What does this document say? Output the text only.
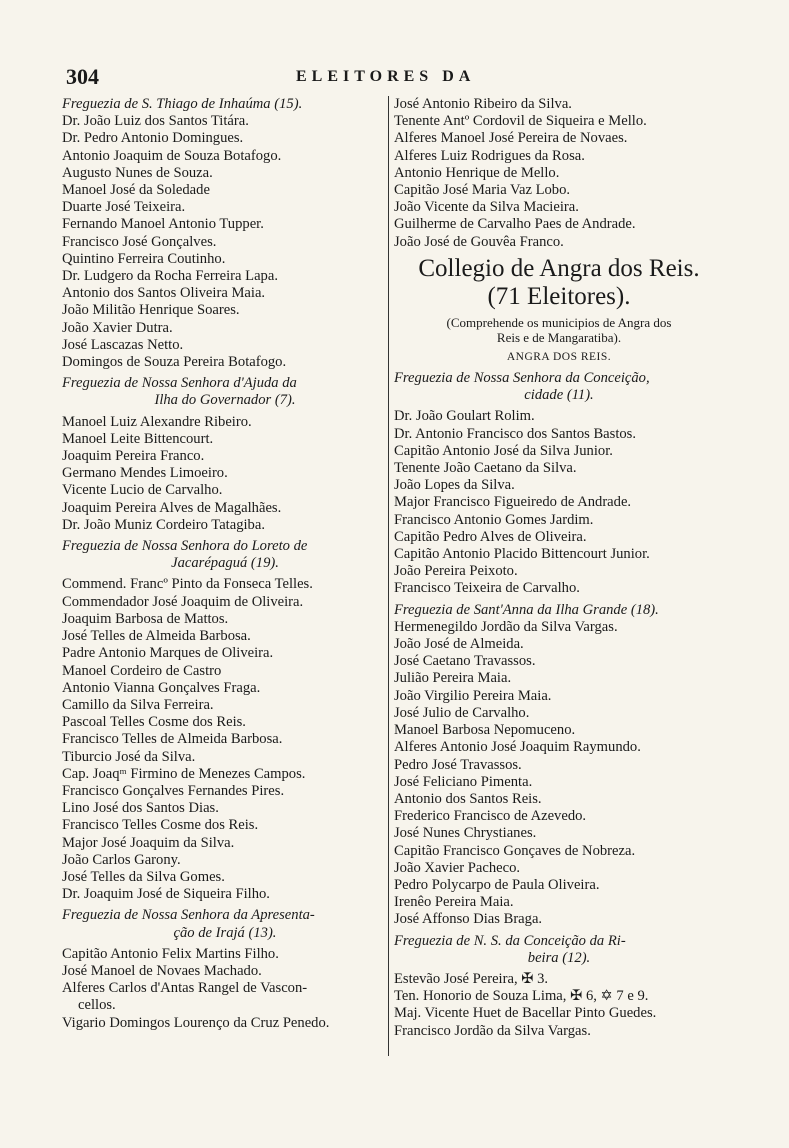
304	ELEITORES DA
Freguezia de S. Thiago de Inhaúma (15).
Dr. João Luiz dos Santos Titára.
Dr. Pedro Antonio Domingues.
Antonio Joaquim de Souza Botafogo.
Augusto Nunes de Souza.
Manoel José da Soledade
Duarte José Teixeira.
Fernando Manoel Antonio Tupper.
Francisco José Gonçalves.
Quintino Ferreira Coutinho.
Dr. Ludgero da Rocha Ferreira Lapa.
Antonio dos Santos Oliveira Maia.
João Militão Henrique Soares.
João Xavier Dutra.
José Lascazas Netto.
Domingos de Souza Pereira Botafogo.
Freguezia de Nossa Senhora d'Ajuda da
Ilha do Governador (7).
Manoel Luiz Alexandre Ribeiro.
Manoel Leite Bittencourt.
Joaquim Pereira Franco.
Germano Mendes Limoeiro.
Vicente Lucio de Carvalho.
Joaquim Pereira Alves de Magalhães.
Dr. João Muniz Cordeiro Tatagiba.
Freguezia de Nossa Senhora do Loreto de
Jacarépaguá (19).
Commend. Francº Pinto da Fonseca Telles.
Commendador José Joaquim de Oliveira.
Joaquim Barbosa de Mattos.
José Telles de Almeida Barbosa.
Padre Antonio Marques de Oliveira.
Manoel Cordeiro de Castro
Antonio Vianna Gonçalves Fraga.
Camillo da Silva Ferreira.
Pascoal Telles Cosme dos Reis.
Francisco Telles de Almeida Barbosa.
Tiburcio José da Silva.
Cap. Joaqᵐ Firmino de Menezes Campos.
Francisco Gonçalves Fernandes Pires.
Lino José dos Santos Dias.
Francisco Telles Cosme dos Reis.
Major José Joaquim da Silva.
João Carlos Garony.
José Telles da Silva Gomes.
Dr. Joaquim José de Siqueira Filho.
Freguezia de Nossa Senhora da Apresenta-
ção de Irajá (13).
Capitão Antonio Felix Martins Filho.
José Manoel de Novaes Machado.
Alferes Carlos d'Antas Rangel de Vascon-
cellos.
Vigario Domingos Lourenço da Cruz Penedo.
José Antonio Ribeiro da Silva.
Tenente Antº Cordovil de Siqueira e Mello.
Alferes Manoel José Pereira de Novaes.
Alferes Luiz Rodrigues da Rosa.
Antonio Henrique de Mello.
Capitão José Maria Vaz Lobo.
João Vicente da Silva Macieira.
Guilherme de Carvalho Paes de Andrade.
João José de Gouvêa Franco.
Collegio de Angra dos Reis.
(71 Eleitores).
(Comprehende os municipios de Angra dos
Reis e de Mangaratiba).
ANGRA DOS REIS.
Freguezia de Nossa Senhora da Conceição,
cidade (11).
Dr. João Goulart Rolim.
Dr. Antonio Francisco dos Santos Bastos.
Capitão Antonio José da Silva Junior.
Tenente João Caetano da Silva.
João Lopes da Silva.
Major Francisco Figueiredo de Andrade.
Francisco Antonio Gomes Jardim.
Capitão Pedro Alves de Oliveira.
Capitão Antonio Placido Bittencourt Junior.
João Pereira Peixoto.
Francisco Teixeira de Carvalho.
Freguezia de Sant'Anna da Ilha Grande (18).
Hermenegildo Jordão da Silva Vargas.
João José de Almeida.
José Caetano Travassos.
Julião Pereira Maia.
João Virgilio Pereira Maia.
José Julio de Carvalho.
Manoel Barbosa Nepomuceno.
Alferes Antonio José Joaquim Raymundo.
Pedro José Travassos.
José Feliciano Pimenta.
Antonio dos Santos Reis.
Frederico Francisco de Azevedo.
José Nunes Chrystianes.
Capitão Francisco Gonçaves de Nobreza.
João Xavier Pacheco.
Pedro Polycarpo de Paula Oliveira.
Irenêo Pereira Maia.
José Affonso Dias Braga.
Freguezia de N. S. da Conceição da Ri-
beira (12).
Estevão José Pereira, ✠ 3.
Ten. Honorio de Souza Lima, ✠ 6, ✡ 7 e 9.
Maj. Vicente Huet de Bacellar Pinto Guedes.
Francisco Jordão da Silva Vargas.
